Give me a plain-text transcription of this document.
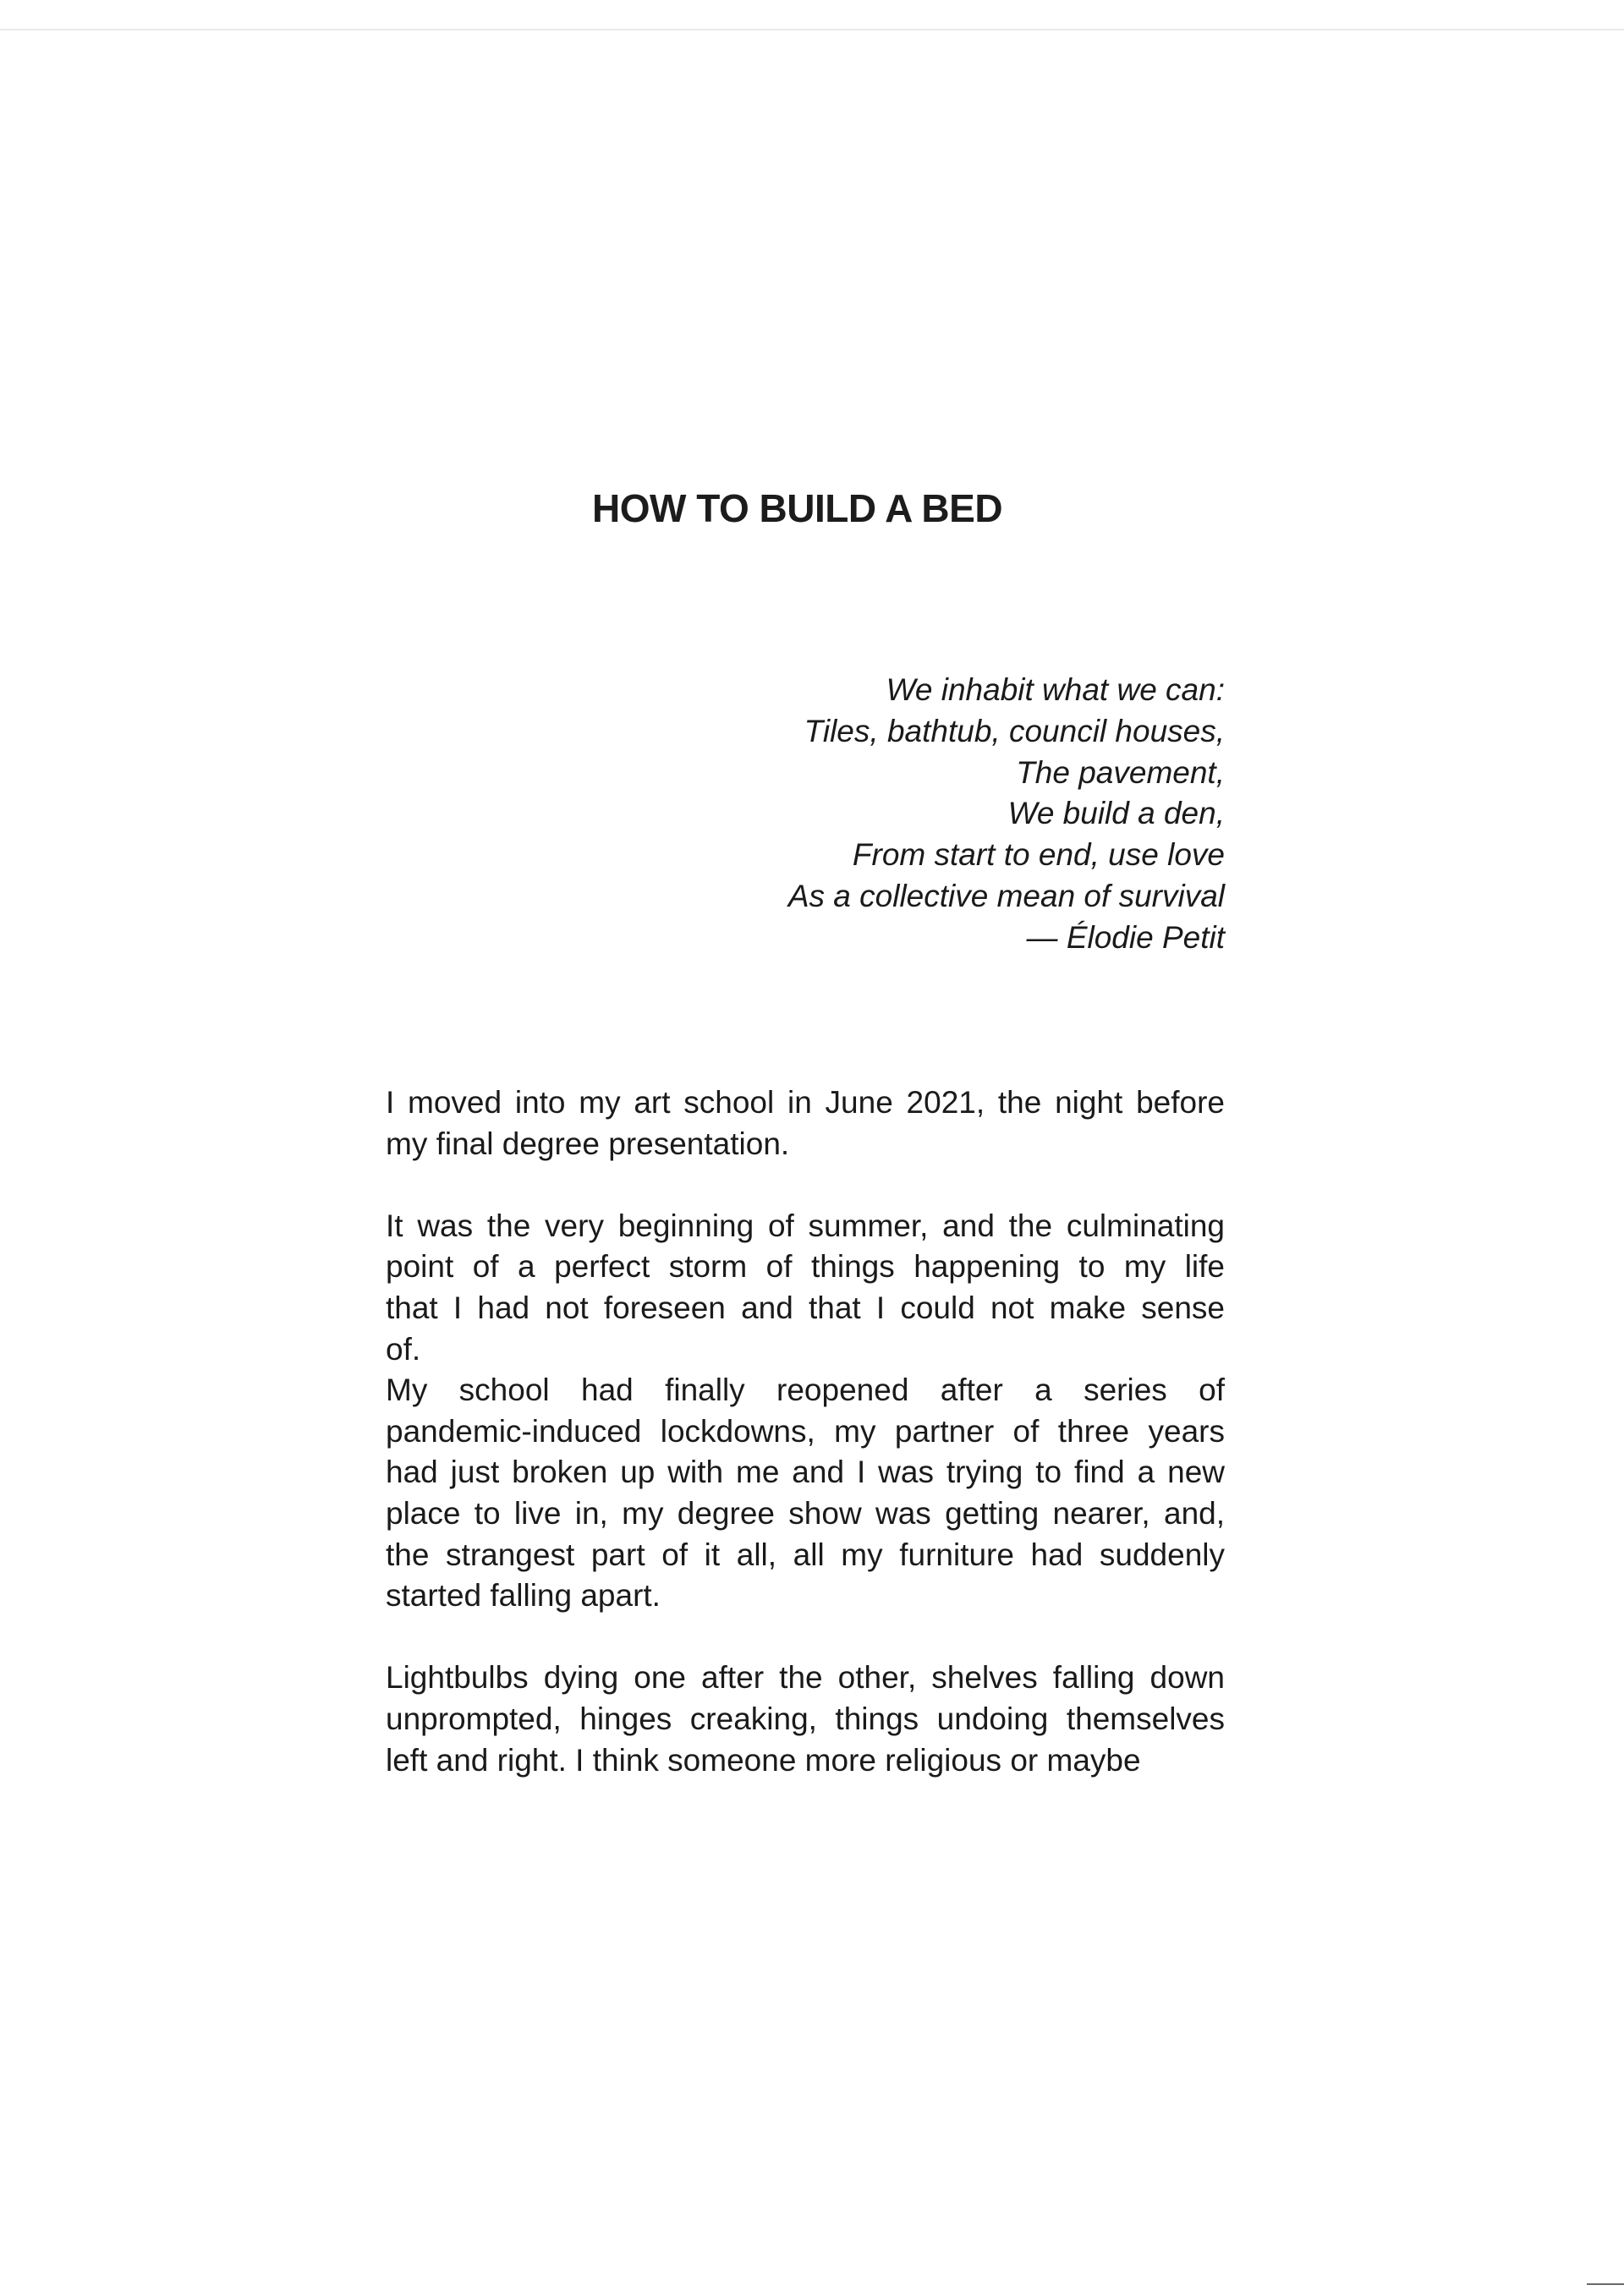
HOW TO BUILD A BED
We inhabit what we can:
Tiles, bathtub, council houses,
The pavement,
We build a den,
From start to end, use love
As a collective mean of survival
— Élodie Petit

I moved into my art school in June 2021, the night before
my final degree presentation.

It was the very beginning of summer, and the culminating
point of a perfect storm of things happening to my life
that I had not foreseen and that I could not make sense
of.

My school had finally reopened after a series of
pandemic-induced lockdowns, my partner of three years
had just broken up with me and I was trying to find a new
place to live in, my degree show was getting nearer, and,
the strangest part of it all, all my furniture had suddenly
started falling apart.

Lightbulbs dying one after the other, shelves falling down
unprompted, hinges creaking, things undoing themselves
left and right. I think someone more religious or maybe
